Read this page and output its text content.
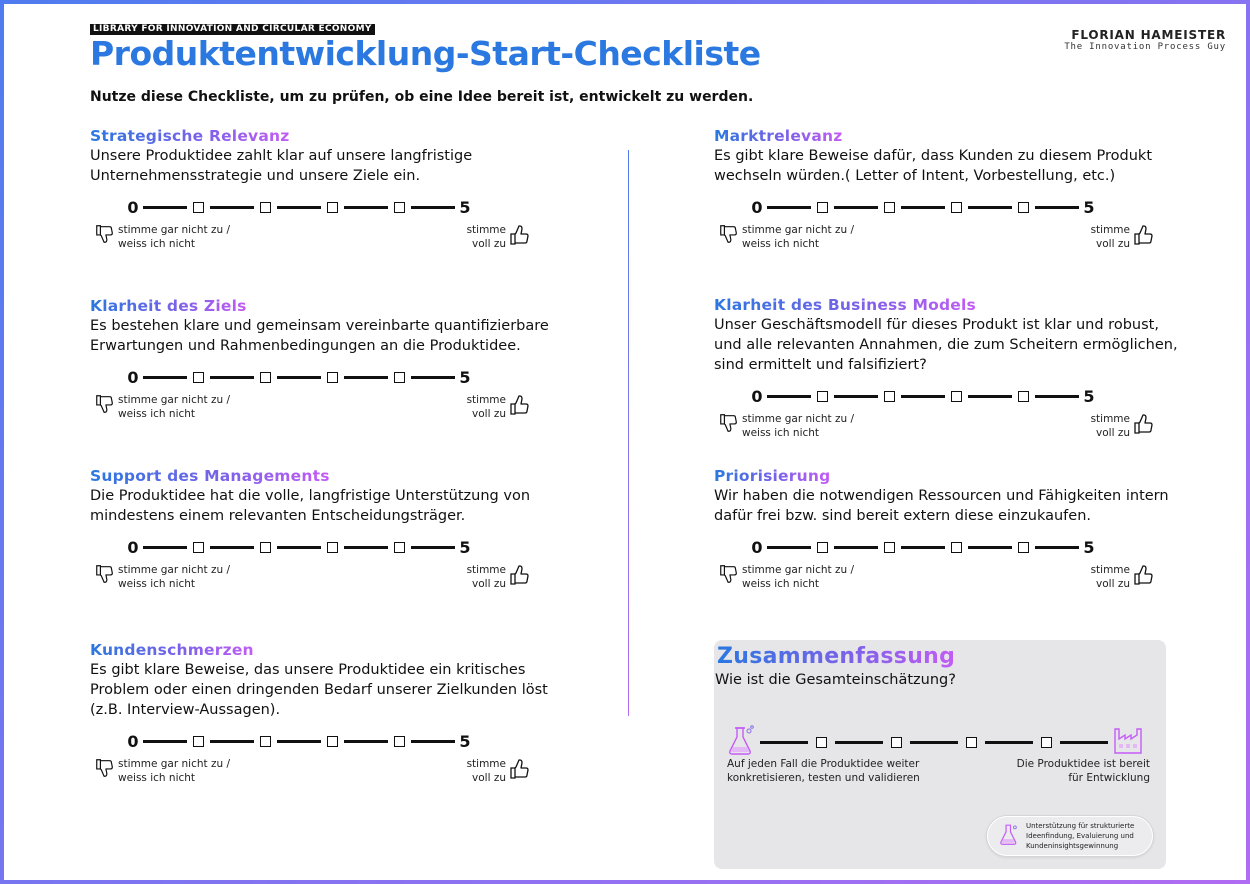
LIBRARY FOR INNOVATION AND CIRCULAR ECONOMY
Produktentwicklung-Start-Checkliste	FLORIAN HAMEISTER
The Innovation Process Guy
Nutze diese Checkliste, um zu prüfen, ob eine Idee bereit ist, entwickelt zu werden.
Strategische Relevanz
Unsere Produktidee zahlt klar auf unsere langfristige Unternehmensstrategie und unsere Ziele ein.
0	5
stimme gar nicht zu / weiss ich nicht
stimme voll zu
Klarheit des Ziels
Es bestehen klare und gemeinsam vereinbarte quantifizierbare Erwartungen und Rahmenbedingungen an die Produktidee.
0	5
stimme gar nicht zu / weiss ich nicht
stimme voll zu
Support des Managements
Die Produktidee hat die volle, langfristige Unterstützung von mindestens einem relevanten Entscheidungsträger.
0	5
stimme gar nicht zu / weiss ich nicht
stimme voll zu
Kundenschmerzen
Es gibt klare Beweise, das unsere Produktidee ein kritisches Problem oder einen dringenden Bedarf unserer Zielkunden löst (z.B. Interview-Aussagen).
0	5
stimme gar nicht zu / weiss ich nicht
stimme voll zu
Marktrelevanz
Es gibt klare Beweise dafür, dass Kunden zu diesem Produkt wechseln würden.( Letter of Intent, Vorbestellung, etc.)
0	5
stimme gar nicht zu / weiss ich nicht
stimme voll zu
Klarheit des Business Models
Unser Geschäftsmodell für dieses Produkt ist klar und robust, und alle relevanten Annahmen, die zum Scheitern ermöglichen, sind ermittelt und falsifiziert?
0	5
stimme gar nicht zu / weiss ich nicht
stimme voll zu
Priorisierung
Wir haben die notwendigen Ressourcen und Fähigkeiten intern dafür frei bzw. sind bereit extern diese einzukaufen.
0	5
stimme gar nicht zu / weiss ich nicht
stimme voll zu
Zusammenfassung
Wie ist die Gesamteinschätzung?
Auf jeden Fall die Produktidee weiter konkretisieren, testen und validieren
Die Produktidee ist bereit für Entwicklung
Unterstützung für strukturierte Ideenfindung, Evaluierung und Kundeninsightsgewinnung
